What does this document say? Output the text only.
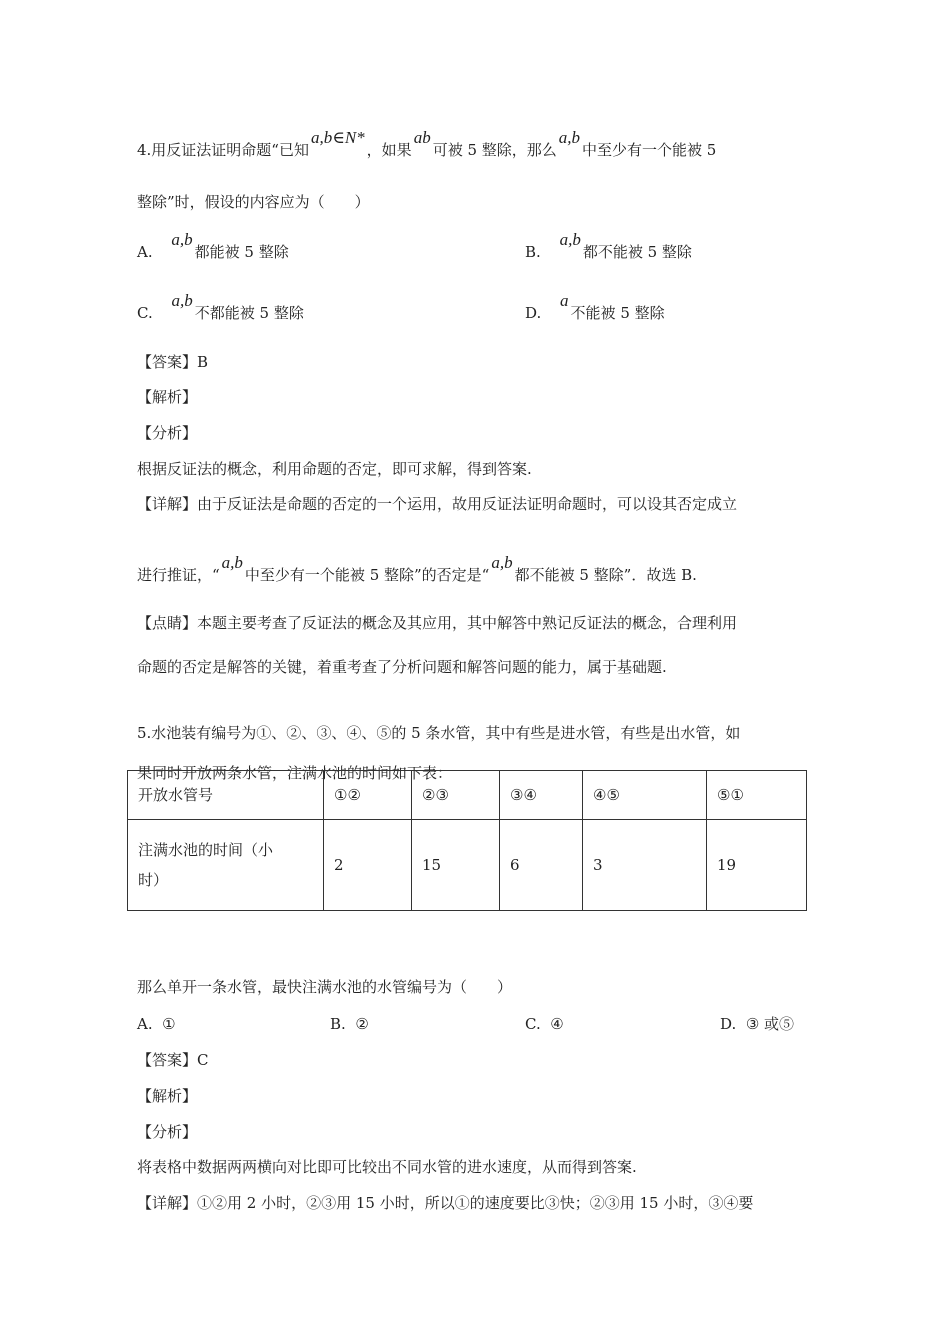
4.用反证法证明命题“已知a,b∈N*，如果ab可被 5 整除，那么a,b中至少有一个能被 5
整除”时，假设的内容应为（　　）
A. a,b都能被 5 整除	B. a,b都不能被 5 整除
C. a,b不都能被 5 整除	D. a不能被 5 整除
【答案】B
【解析】
【分析】
根据反证法的概念，利用命题的否定，即可求解，得到答案.
【详解】由于反证法是命题的否定的一个运用，故用反证法证明命题时，可以设其否定成立
进行推证，“a,b中至少有一个能被 5 整除”的否定是“a,b都不能被 5 整除”．故选 B.
【点睛】本题主要考查了反证法的概念及其应用，其中解答中熟记反证法的概念，合理利用
命题的否定是解答的关键，着重考查了分析问题和解答问题的能力，属于基础题.
5.水池装有编号为①、②、③、④、⑤的 5 条水管，其中有些是进水管，有些是出水管，如
果同时开放两条水管，注满水池的时间如下表：
开放水管号	①②	②③	③④	④⑤	⑤①

注满水池的时间（小
时）	2	15	6	3	19
那么单开一条水管，最快注满水池的水管编号为（　　）
A. ①	B. ②	C. ④	D. ③ 或⑤
【答案】C
【解析】
【分析】
将表格中数据两两横向对比即可比较出不同水管的进水速度，从而得到答案.
【详解】①②用 2 小时，②③用 15 小时，所以①的速度要比③快；②③用 15 小时，③④要
